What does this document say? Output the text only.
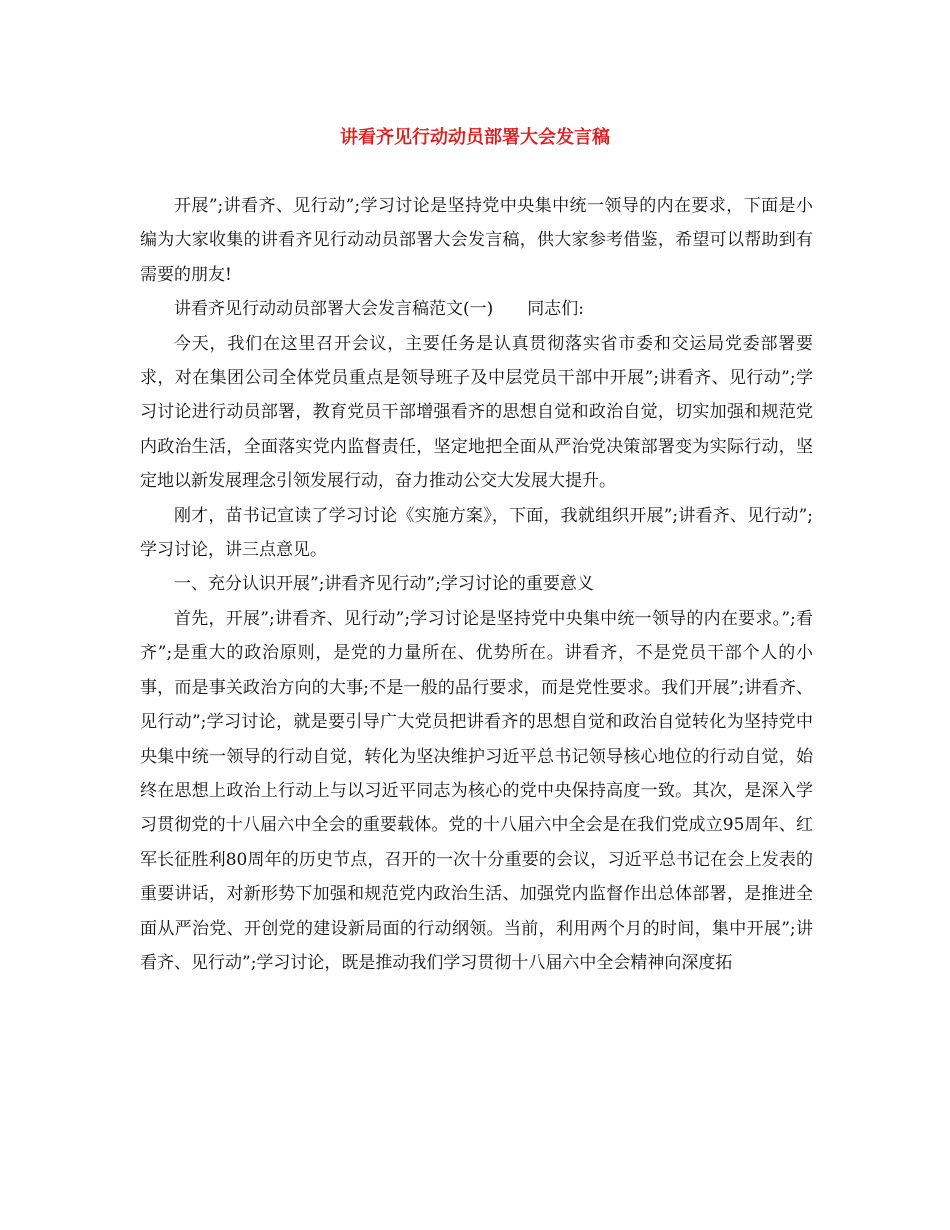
讲看齐见行动动员部署大会发言稿

开展”;讲看齐、见行动”;学习讨论是坚持党中央集中统一领导的内在要求，下面是小编为大家收集的讲看齐见行动动员部署大会发言稿，供大家参考借鉴，希望可以帮助到有需要的朋友!

讲看齐见行动动员部署大会发言稿范文(一)　　同志们:

今天，我们在这里召开会议，主要任务是认真贯彻落实省市委和交运局党委部署要求，对在集团公司全体党员重点是领导班子及中层党员干部中开展”;讲看齐、见行动”;学习讨论进行动员部署，教育党员干部增强看齐的思想自觉和政治自觉，切实加强和规范党内政治生活，全面落实党内监督责任，坚定地把全面从严治党决策部署变为实际行动，坚定地以新发展理念引领发展行动，奋力推动公交大发展大提升。

刚才，苗书记宣读了学习讨论《实施方案》，下面，我就组织开展”;讲看齐、见行动”;学习讨论，讲三点意见。

一、充分认识开展”;讲看齐见行动”;学习讨论的重要意义

首先，开展”;讲看齐、见行动”;学习讨论是坚持党中央集中统一领导的内在要求。”;看齐”;是重大的政治原则，是党的力量所在、优势所在。讲看齐，不是党员干部个人的小事，而是事关政治方向的大事;不是一般的品行要求，而是党性要求。我们开展”;讲看齐、见行动”;学习讨论，就是要引导广大党员把讲看齐的思想自觉和政治自觉转化为坚持党中央集中统一领导的行动自觉，转化为坚决维护习近平总书记领导核心地位的行动自觉，始终在思想上政治上行动上与以习近平同志为核心的党中央保持高度一致。其次，是深入学习贯彻党的十八届六中全会的重要载体。党的十八届六中全会是在我们党成立95周年、红军长征胜利80周年的历史节点，召开的一次十分重要的会议，习近平总书记在会上发表的重要讲话，对新形势下加强和规范党内政治生活、加强党内监督作出总体部署，是推进全面从严治党、开创党的建设新局面的行动纲领。当前，利用两个月的时间，集中开展”;讲看齐、见行动”;学习讨论，既是推动我们学习贯彻十八届六中全会精神向深度拓
